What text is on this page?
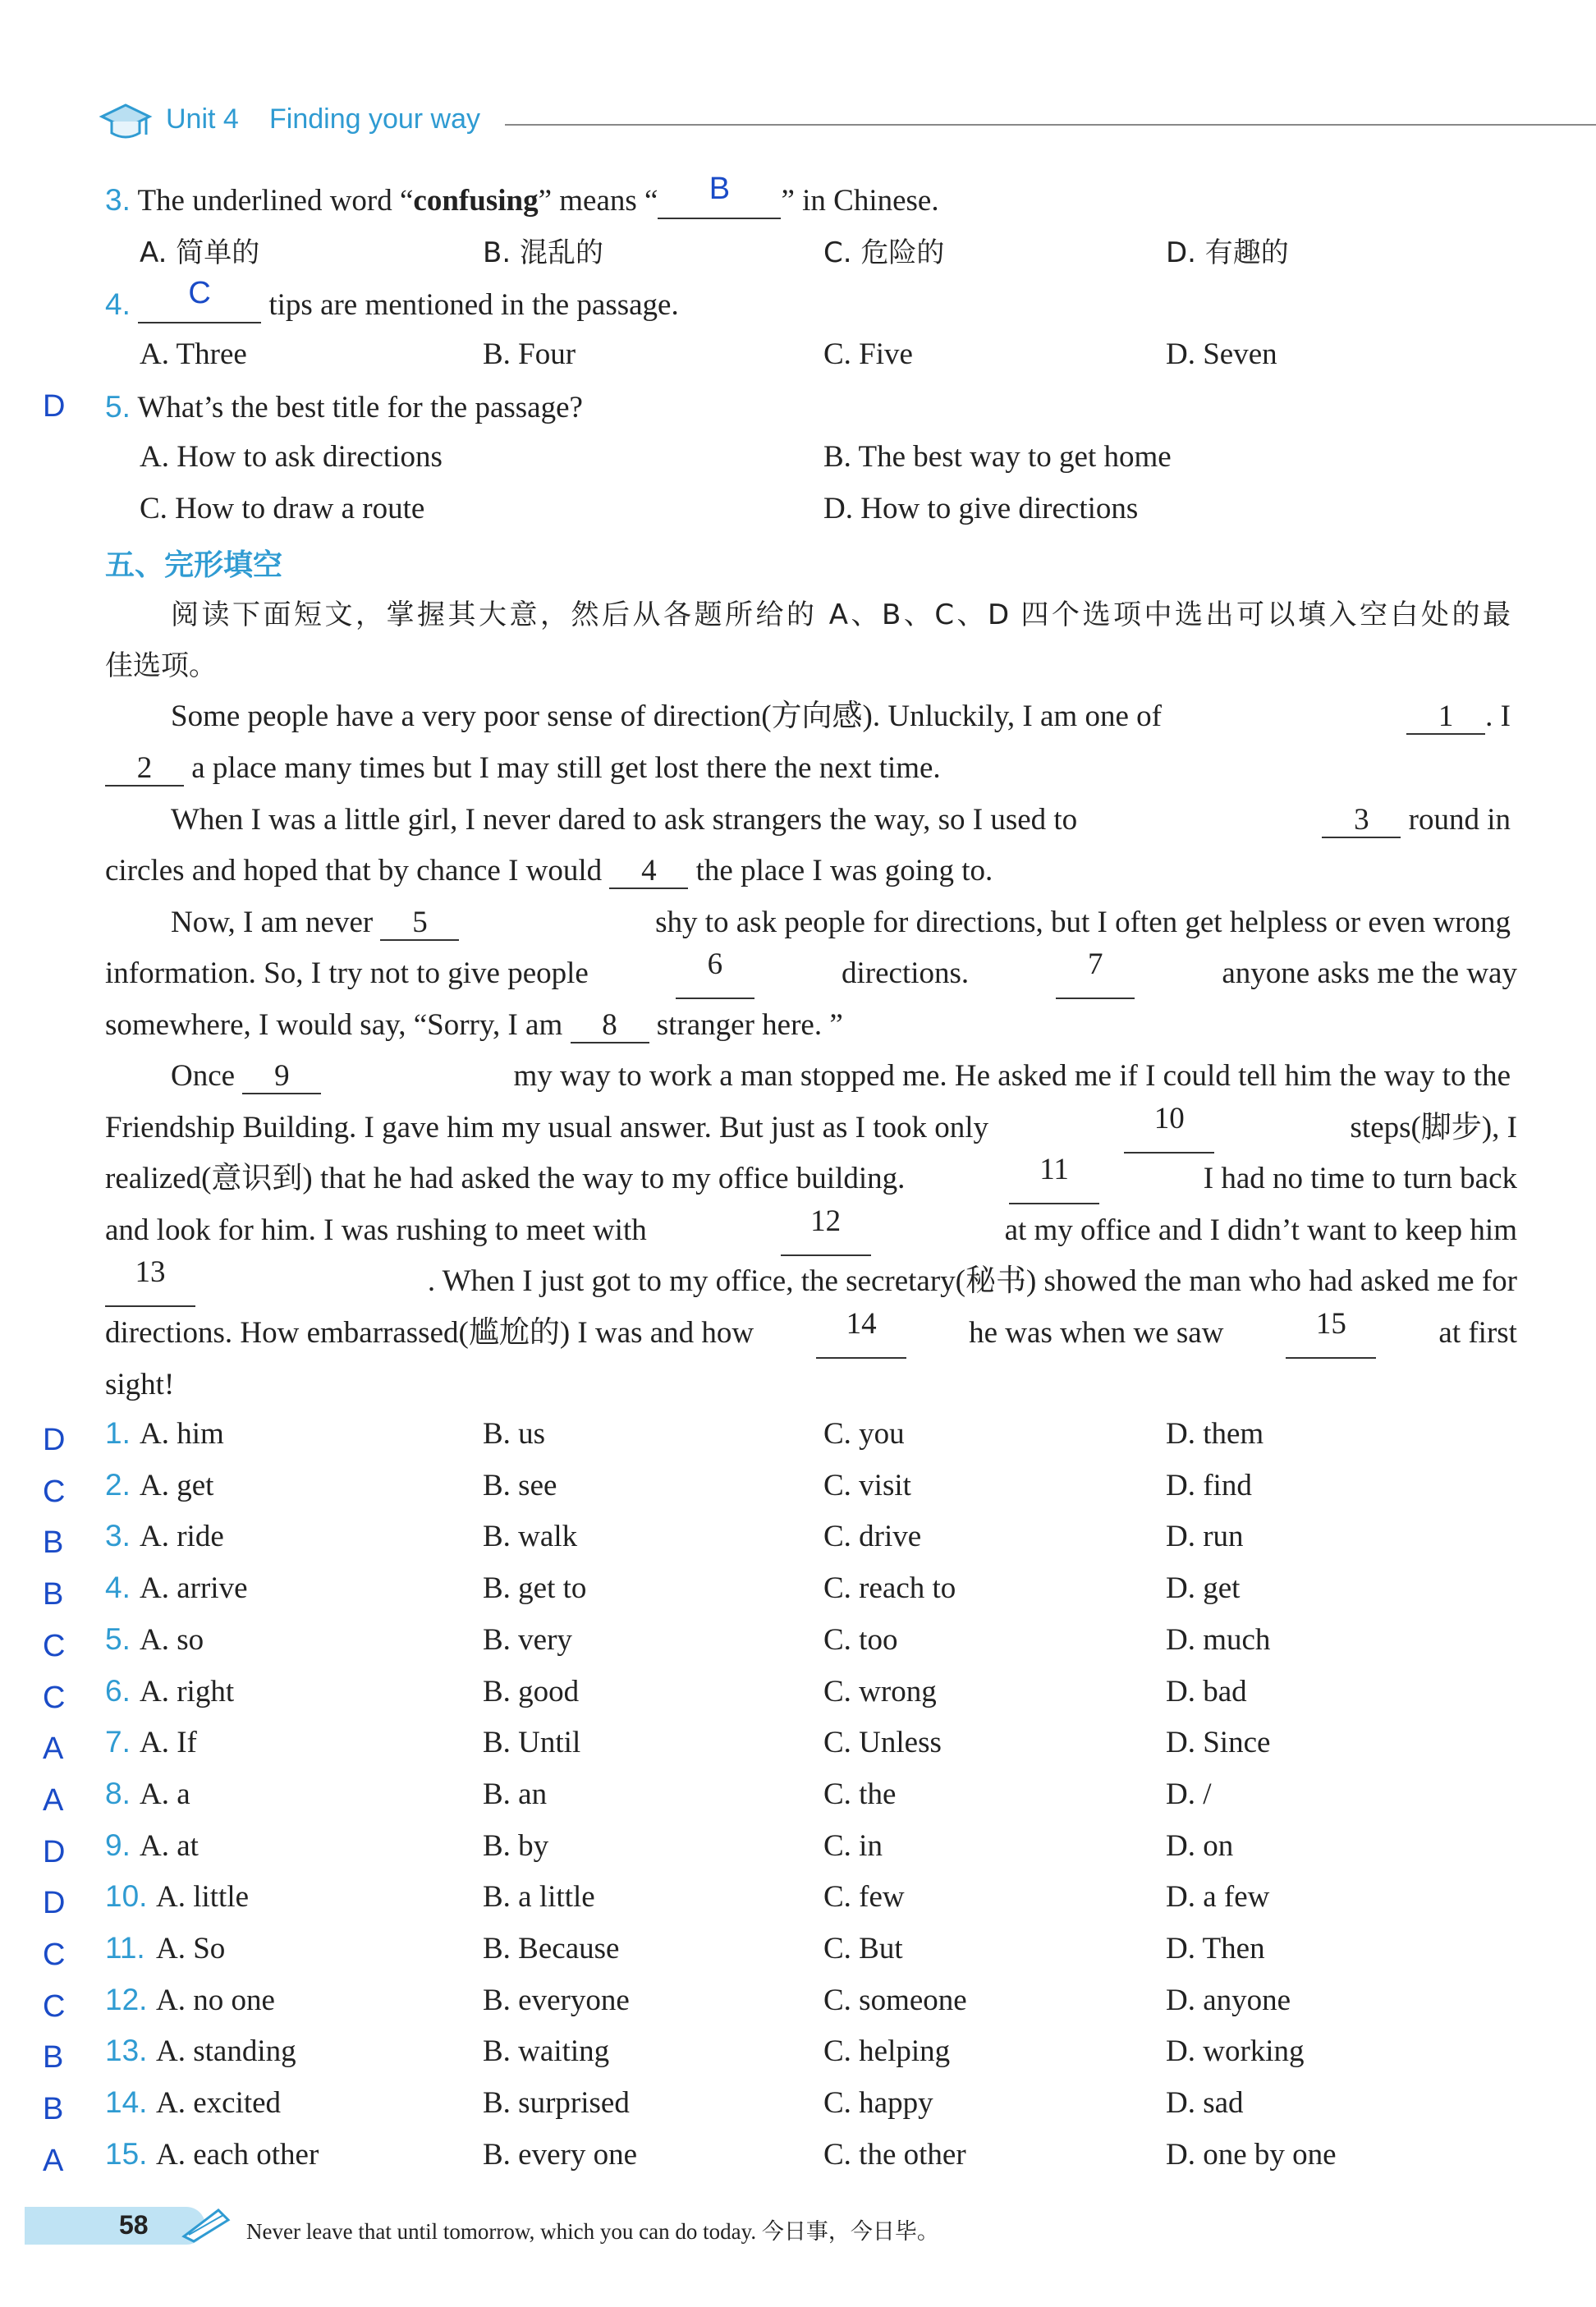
Unit 4 Finding your way
3. The underlined word “confusing” means “ B ” in Chinese.
A. 简单的	B. 混乱的	C. 危险的	D. 有趣的
4. C tips are mentioned in the passage.
A. Three	B. Four	C. Five	D. Seven
D	5. What’s the best title for the passage?
A. How to ask directions	B. The best way to get home
C. How to draw a route	D. How to give directions
五、完形填空
阅读下面短文，掌握其大意，然后从各题所给的 A、B、C、D 四个选项中选出可以填入空白处的最
佳选项。
Some people have a very poor sense of direction(方向感). Unluckily, I am one of	1 . I
2 a place many times but I may still get lost there the next time.
When I was a little girl, I never dared to ask strangers the way, so I used to	3 round in
circles and hoped that by chance I would 4 the place I was going to.
Now, I am never 5	shy to ask people for directions, but I often get helpless or even wrong
information. So, I try not to give people	6	directions.	7	anyone asks me the way
somewhere, I would say, “Sorry, I am 8 stranger here. ”
Once 9	my way to work a man stopped me. He asked me if I could tell him the way to the
Friendship Building. I gave him my usual answer. But just as I took only	10	steps(脚步), I
realized(意识到) that he had asked the way to my office building.	11	I had no time to turn back
and look for him. I was rushing to meet with	12	at my office and I didn’t want to keep him
13	. When I just got to my office, the secretary(秘书) showed the man who had asked me for
directions. How embarrassed(尴尬的) I was and how	14	he was when we saw	15	at first
sight!
D	1. A. him	B. us	C. you	D. them
C	2. A. get	B. see	C. visit	D. find
B	3. A. ride	B. walk	C. drive	D. run
B	4. A. arrive	B. get to	C. reach to	D. get
C	5. A. so	B. very	C. too	D. much
C	6. A. right	B. good	C. wrong	D. bad
A	7. A. If	B. Until	C. Unless	D. Since
A	8. A. a	B. an	C. the	D. /
D	9. A. at	B. by	C. in	D. on
D	10. A. little	B. a little	C. few	D. a few
C	11. A. So	B. Because	C. But	D. Then
C	12. A. no one	B. everyone	C. someone	D. anyone
B	13. A. standing	B. waiting	C. helping	D. working
B	14. A. excited	B. surprised	C. happy	D. sad
A	15. A. each other	B. every one	C. the other	D. one by one
58	Never leave that until tomorrow, which you can do today. 今日事，今日毕。
